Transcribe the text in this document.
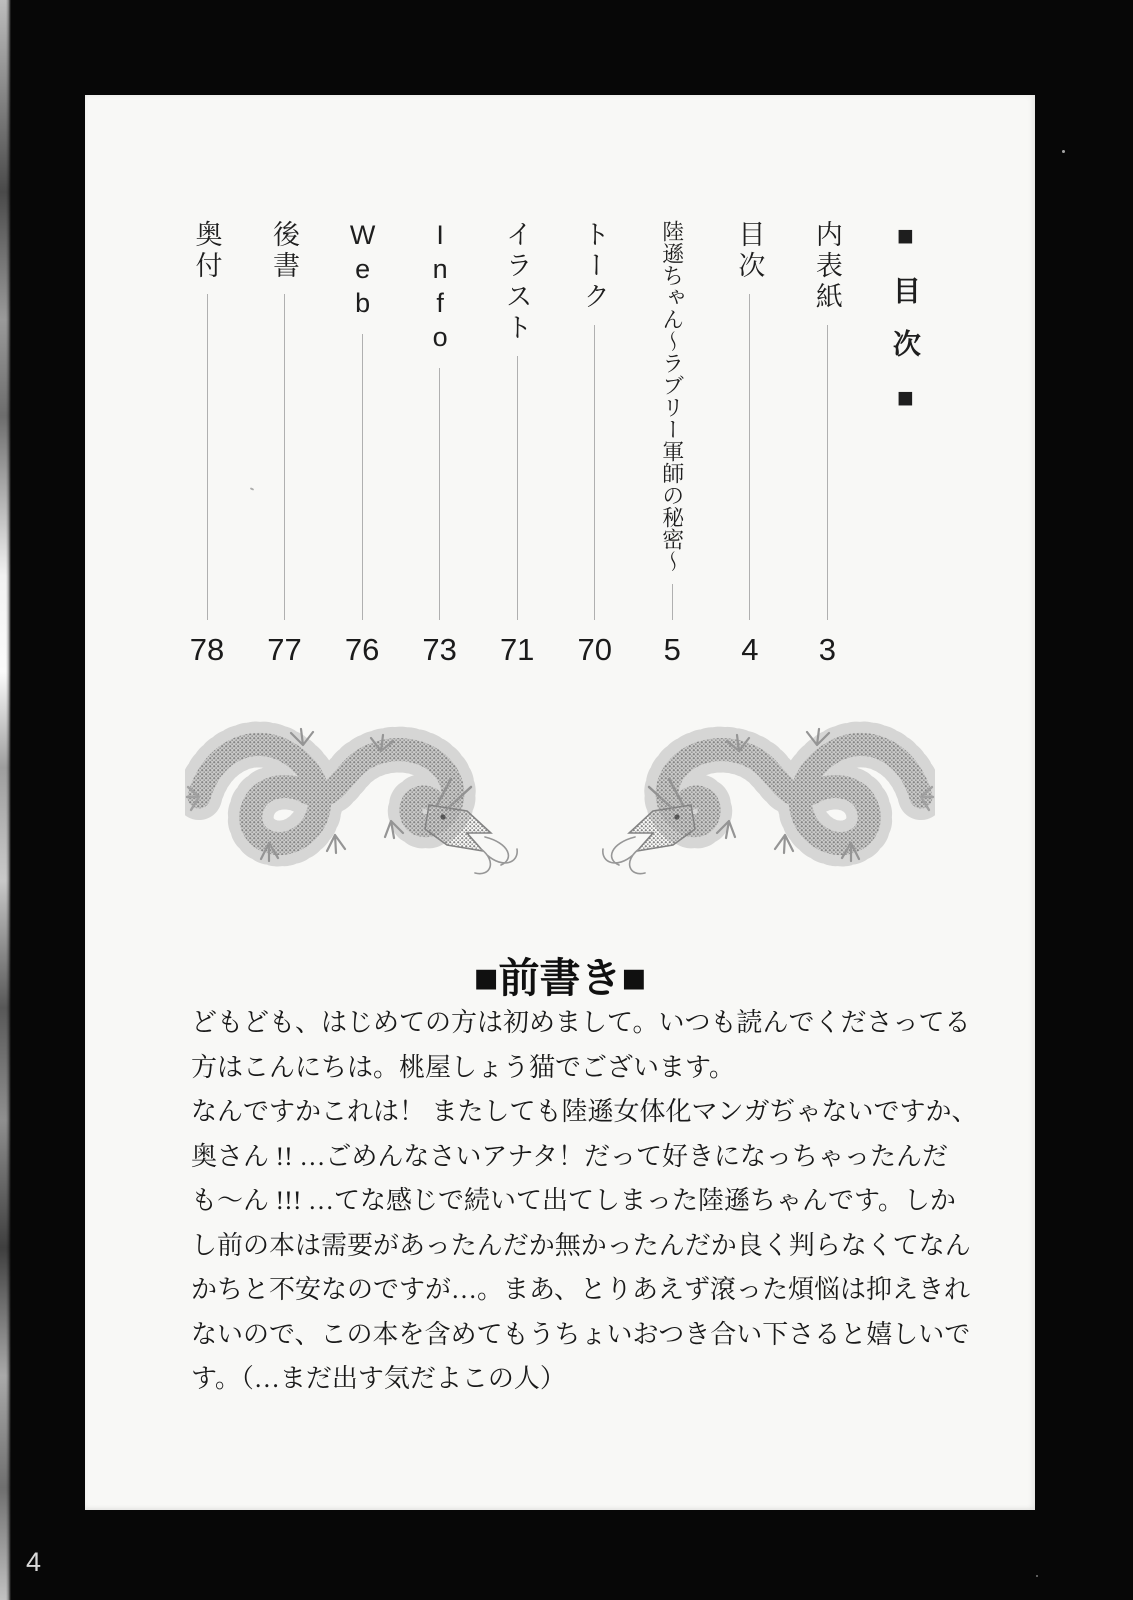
■目次■
内表紙
3
目次
4
陸遜ちゃん～ラブリー軍師の秘密～
5
トーク
70
イラスト
71
Info
73
Web
76
後書
77
奥付
78
■前書き■
どもども、はじめての方は初めまして。いつも読んでくださってる
方はこんにちは。桃屋しょう猫でございます。
なんですかこれは！ またしても陸遜女体化マンガぢゃないですか、
奥さん !! …ごめんなさいアナタ！だって好きになっちゃったんだ
も～ん !!! …てな感じで続いて出てしまった陸遜ちゃんです。しか
し前の本は需要があったんだか無かったんだか良く判らなくてなん
かちと不安なのですが…。まあ、とりあえず滾った煩悩は抑えきれ
ないので、この本を含めてもうちょいおつき合い下さると嬉しいで
す。（…まだ出す気だよこの人）
4
